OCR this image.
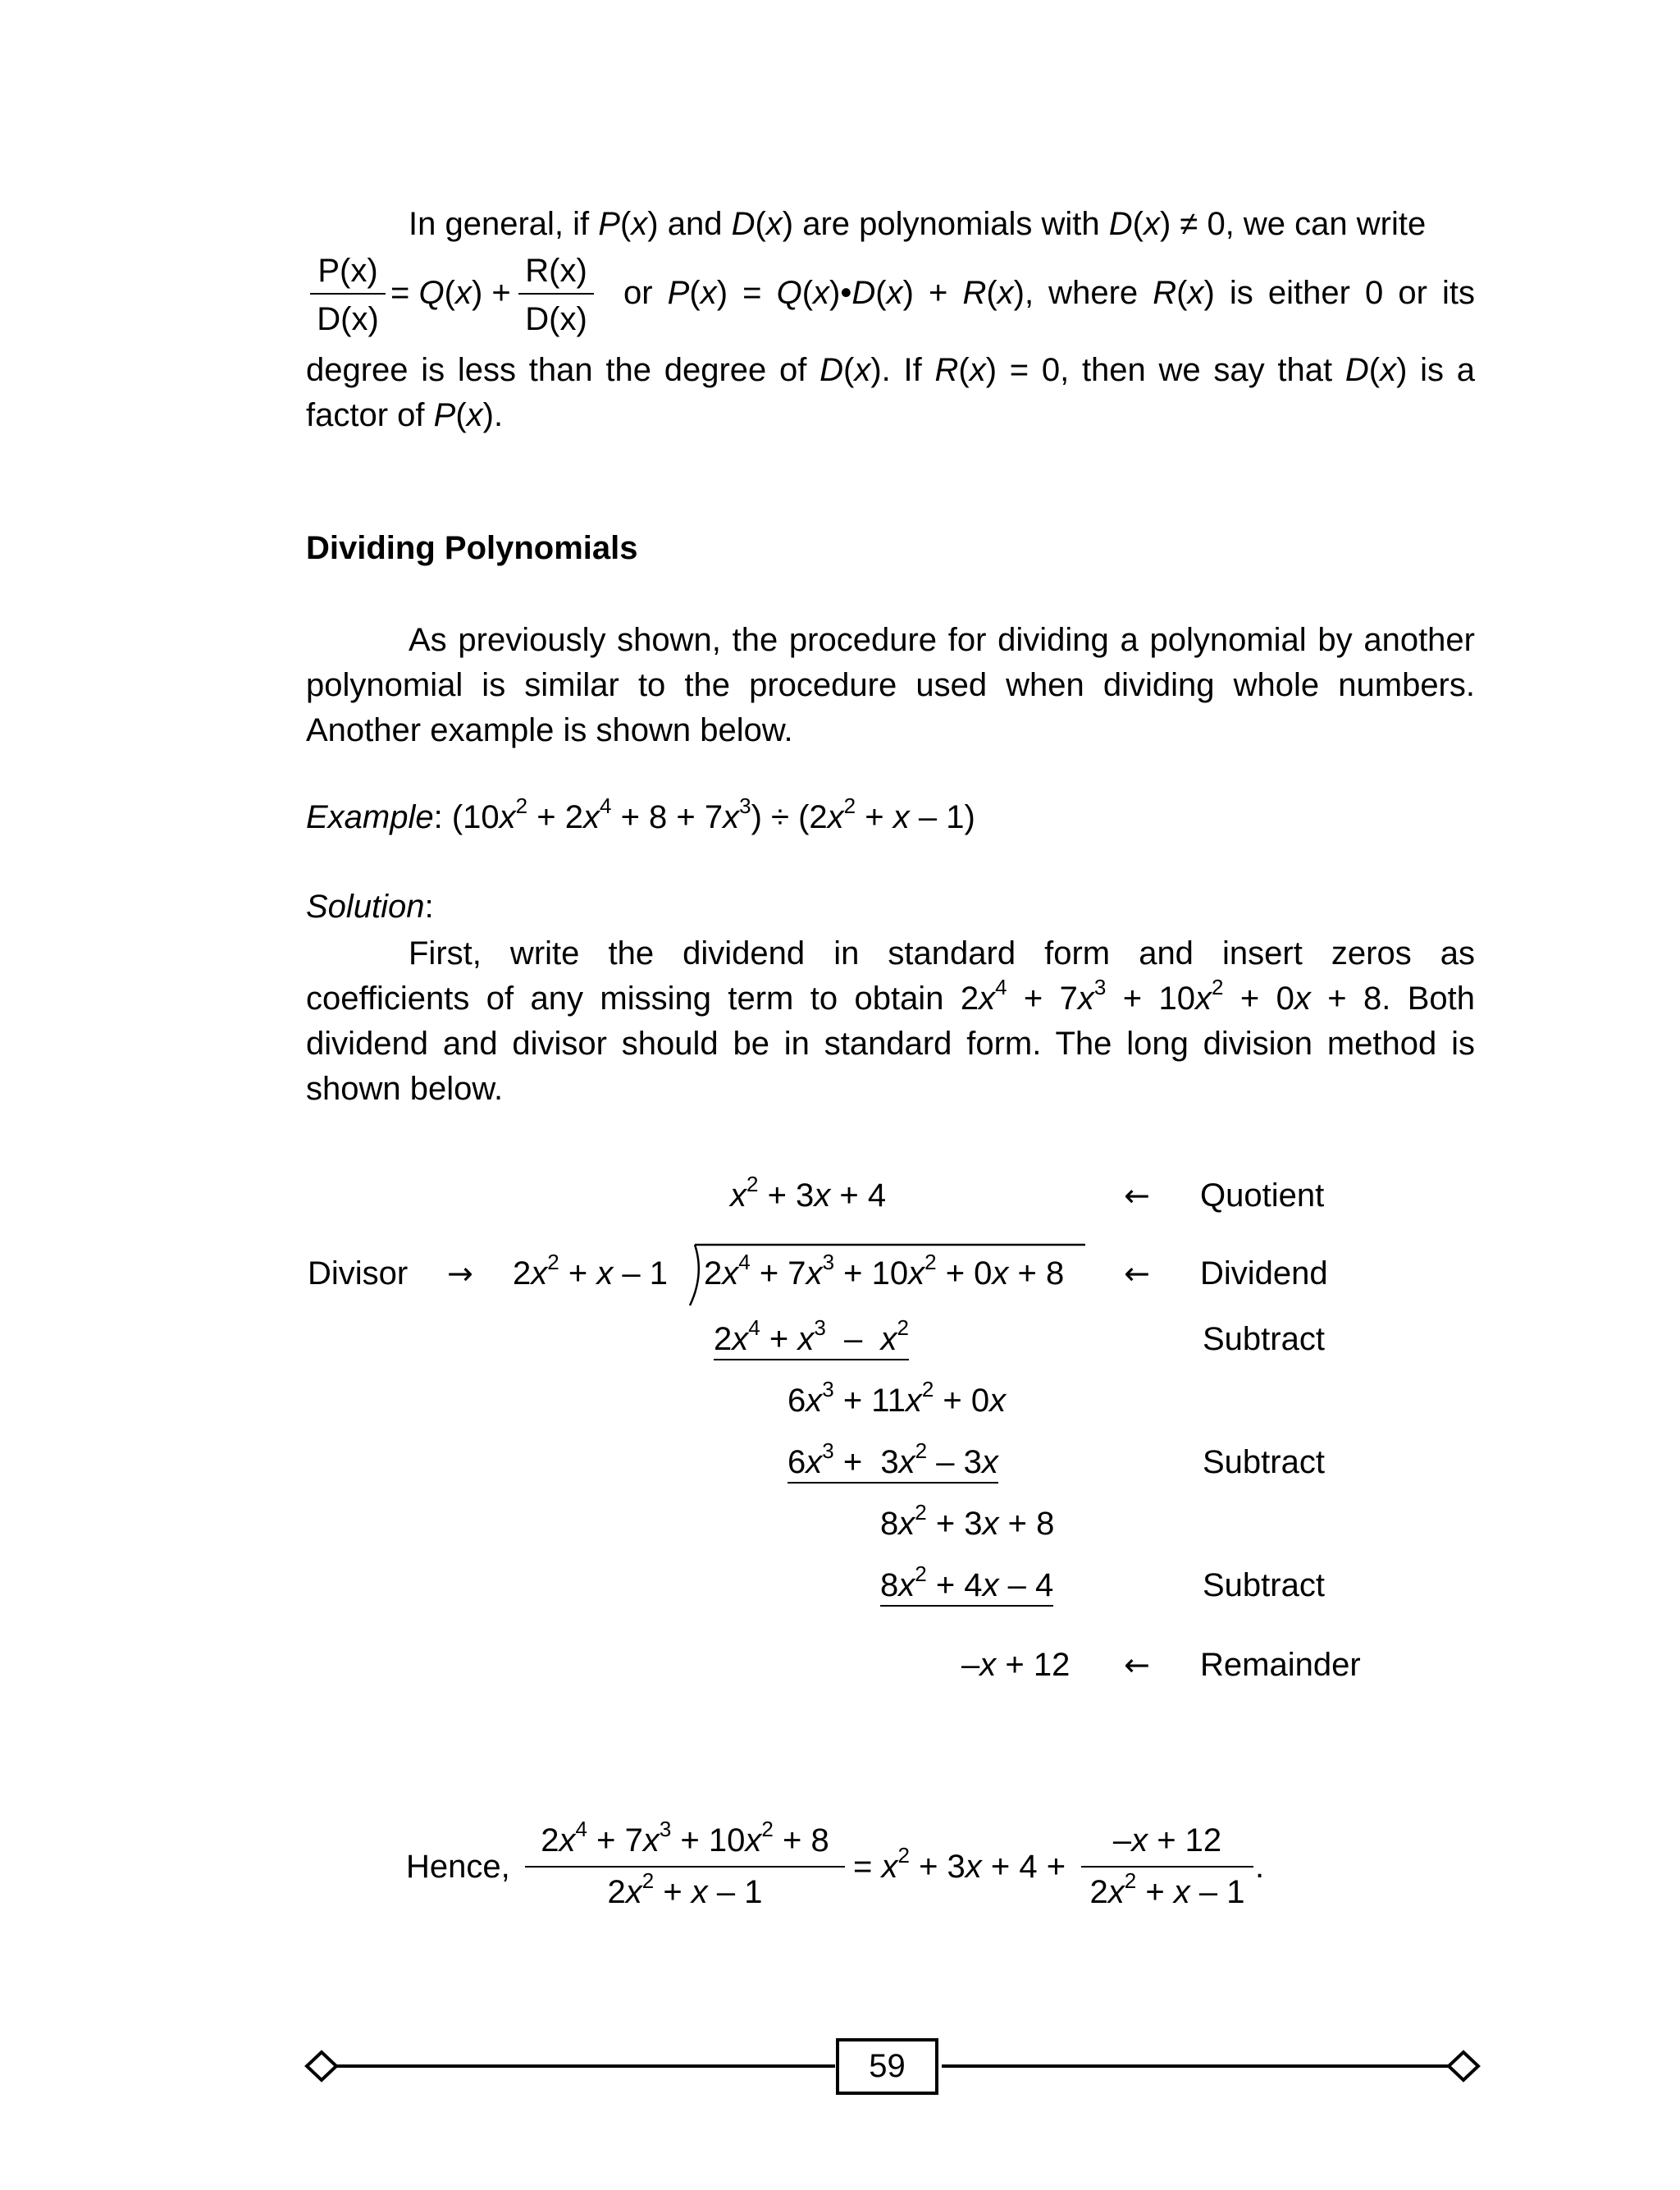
In general, if P(x) and D(x) are polynomials with D(x) ≠ 0, we can write
P(x)
D(x)
= Q(x) +
R(x)
D(x)
or P(x) = Q(x)•D(x) + R(x), where R(x) is either 0 or its
degree is less than the degree of D(x). If R(x) = 0, then we say that D(x) is a
factor of P(x).
Dividing Polynomials
As previously shown, the procedure for dividing a polynomial by another polynomial is similar to the procedure used when dividing whole numbers. Another example is shown below.
Example: $(10x^2 + 2x^4 + 8 + 7x^3) \div (2x^2 + x - 1)$
Solution:
First, write the dividend in standard form and insert zeros as
coefficients of any missing term to obtain $2x^4 + 7x^3 + 10x^2 + 0x + 8$. Both
dividend and divisor should be in standard form. The long division method is
shown below.
$x^2 + 3x + 4$	← Quotient
Divisor → $2x^2 + x - 1$ $2x^4 + 7x^3 + 10x^2 + 0x + 8$ ← Dividend
$2x^4 + x^3 - x^2$	Subtract
$6x^3 + 11x^2 + 0x$
$6x^3 + 3x^2 - 3x$	Subtract
$8x^2 + 3x + 8$
$8x^2 + 4x - 4$	Subtract
–x + 12 ← Remainder
Hence,
$2x^4 + 7x^3 + 10x^2 + 8$
$2x^2 + x - 1$
= $x^2 + 3x + 4$ +
–x + 12
$2x^2 + x - 1$
.
59
